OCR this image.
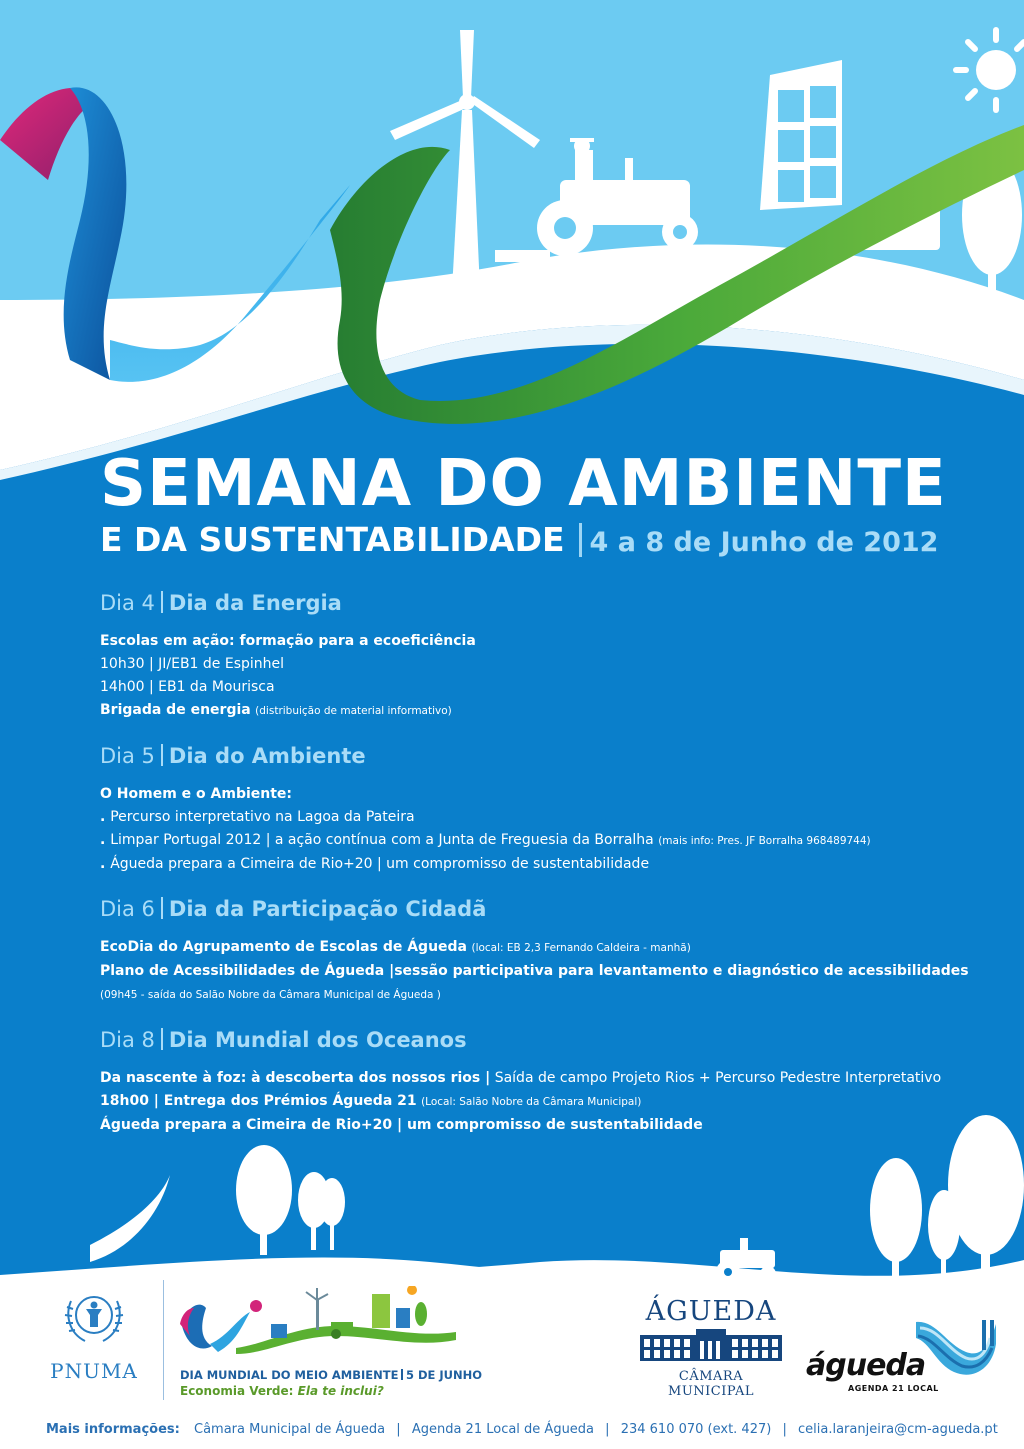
SEMANA DO AMBIENTE
E DA SUSTENTABILIDADE 4 a 8 de Junho de 2012
Dia 4 Dia da Energia
Escolas em ação: formação para a ecoeficiência
10h30 | JI/EB1 de Espinhel
14h00 | EB1 da Mourisca
Brigada de energia (distribuição de material informativo)
Dia 5 Dia do Ambiente
O Homem e o Ambiente:
. Percurso interpretativo na Lagoa da Pateira
. Limpar Portugal 2012 | a ação contínua com a Junta de Freguesia da Borralha (mais info: Pres. JF Borralha 968489744)
. Águeda prepara a Cimeira de Rio+20 | um compromisso de sustentabilidade
Dia 6 Dia da Participação Cidadã
EcoDia do Agrupamento de Escolas de Águeda (local: EB 2,3 Fernando Caldeira - manhã)
Plano de Acessibilidades de Águeda |sessão participativa para levantamento e diagnóstico de acessibilidades
(09h45 - saída do Salão Nobre da Câmara Municipal de Águeda )
Dia 8 Dia Mundial dos Oceanos
Da nascente à foz: à descoberta dos nossos rios | Saída de campo Projeto Rios + Percurso Pedestre Interpretativo
18h00 | Entrega dos Prémios Águeda 21 (Local: Salão Nobre da Câmara Municipal)
Águeda prepara a Cimeira de Rio+20 | um compromisso de sustentabilidade
PNUMA	DIA MUNDIAL DO MEIO AMBIENTE 5 DE JUNHO
Economia Verde: Ela te inclui?
ÁGUEDA
CÂMARA MUNICIPAL
águeda
AGENDA 21 LOCAL
Mais informações: Câmara Municipal de Águeda | Agenda 21 Local de Águeda | 234 610 070 (ext. 427) | celia.laranjeira@cm-agueda.pt
